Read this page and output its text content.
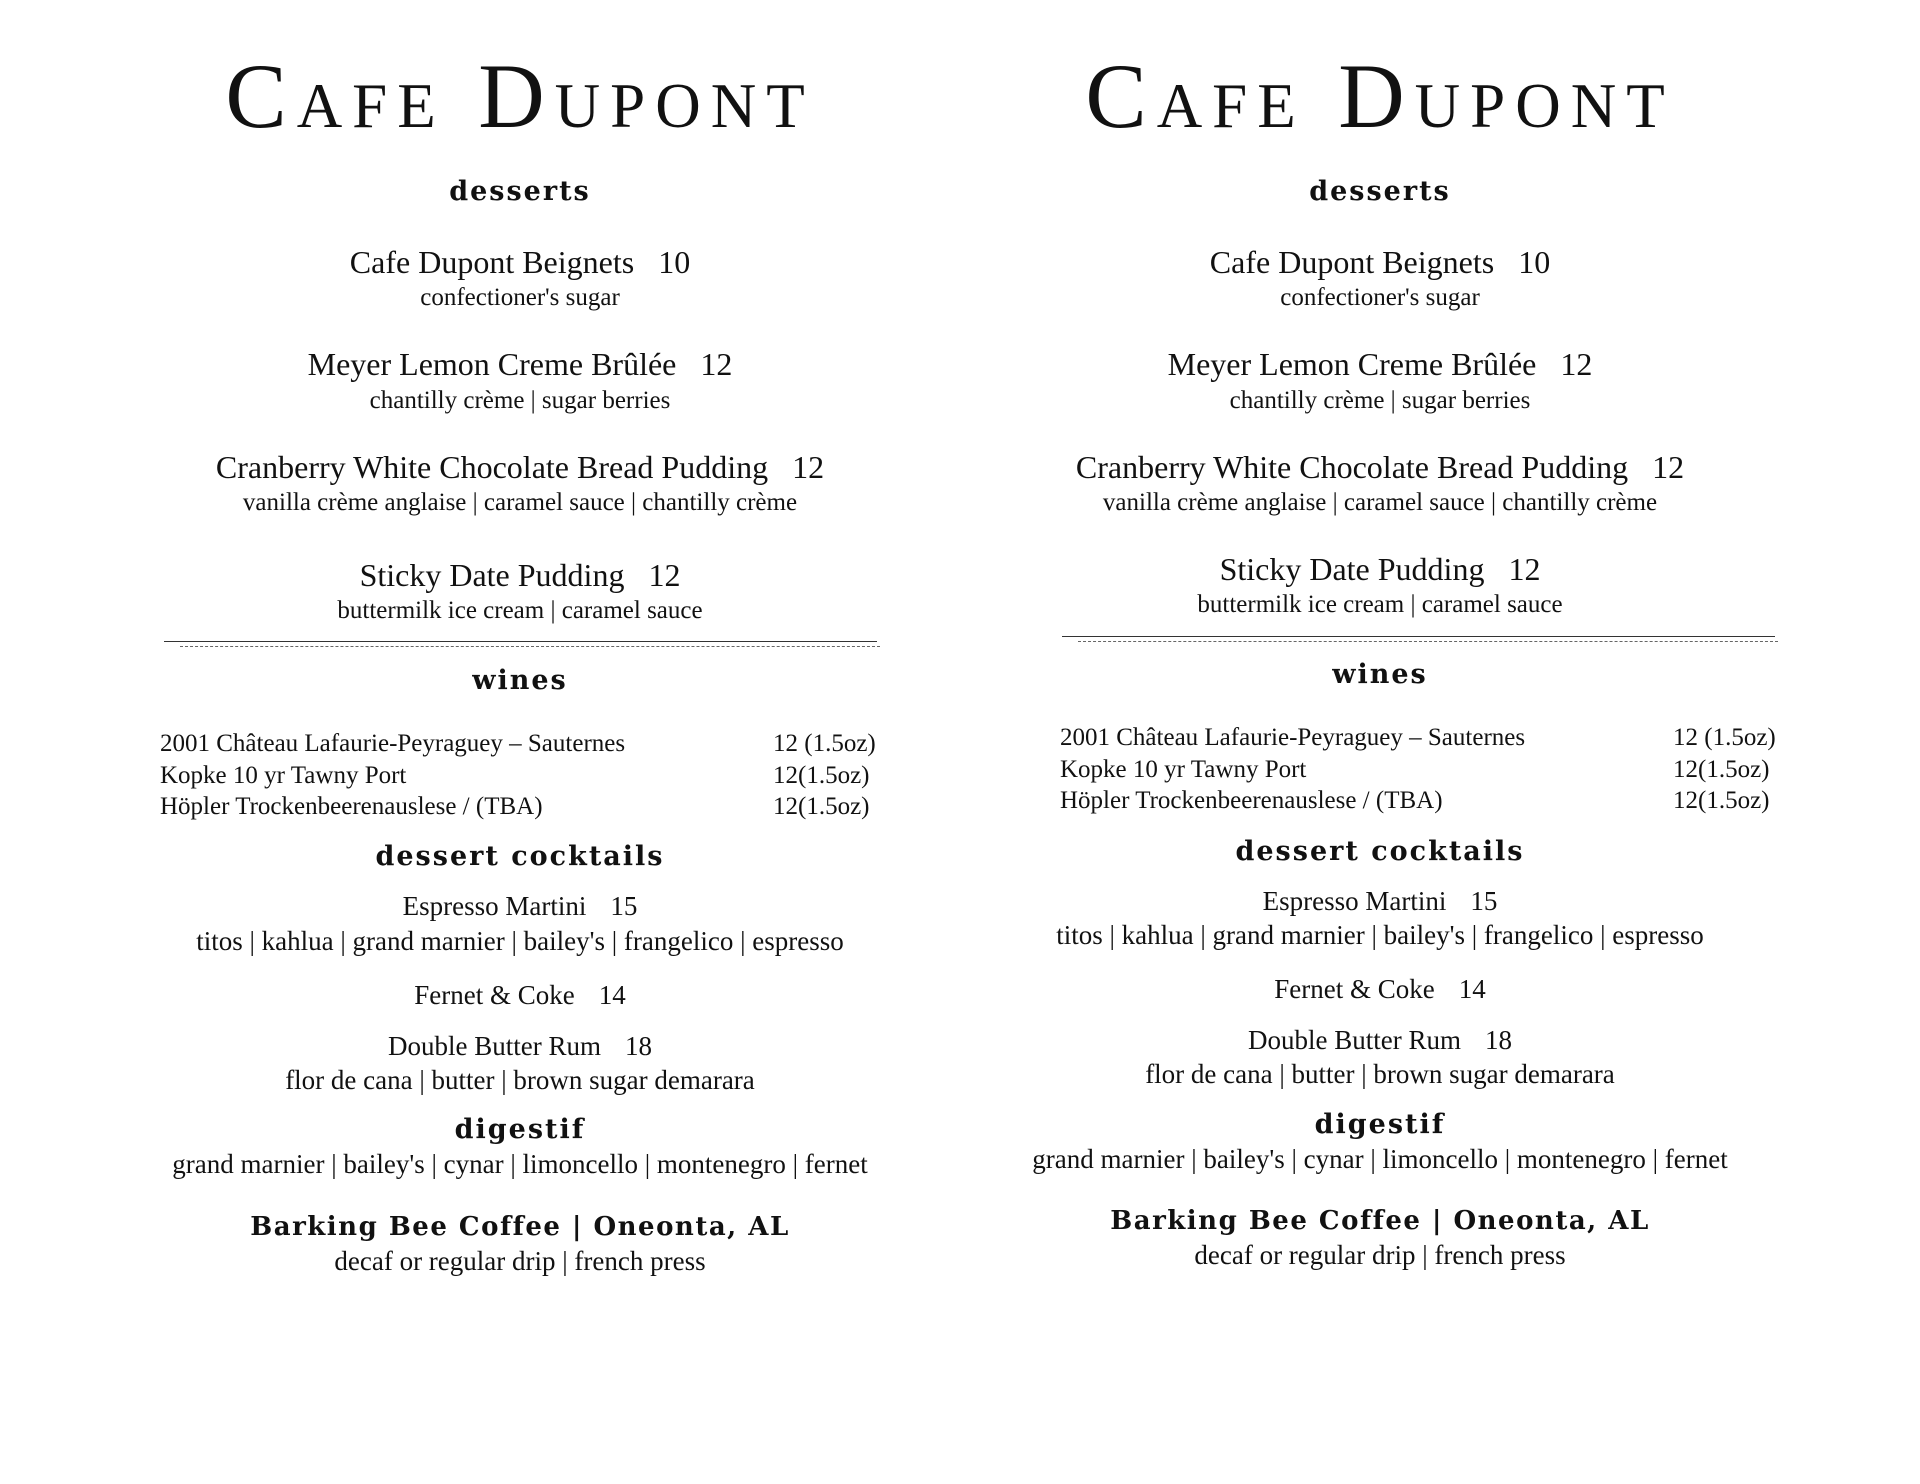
Cafe Dupont
desserts
Cafe Dupont Beignets 10
confectioner's sugar
Meyer Lemon Creme Brûlée 12
chantilly crème | sugar berries
Cranberry White Chocolate Bread Pudding 12
vanilla crème anglaise | caramel sauce | chantilly crème
Sticky Date Pudding 12
buttermilk ice cream | caramel sauce
wines
2001 Château Lafaurie-Peyraguey – Sauternes	12 (1.5oz)
Kopke 10 yr Tawny Port	12(1.5oz)
Höpler Trockenbeerenauslese / (TBA)	12(1.5oz)
dessert cocktails
Espresso Martini 15
titos | kahlua | grand marnier | bailey's | frangelico | espresso
Fernet & Coke 14
Double Butter Rum 18
flor de cana | butter | brown sugar demarara
digestif
grand marnier | bailey's | cynar | limoncello | montenegro | fernet
Barking Bee Coffee | Oneonta, AL
decaf or regular drip | french press
Cafe Dupont
desserts
Cafe Dupont Beignets 10
confectioner's sugar
Meyer Lemon Creme Brûlée 12
chantilly crème | sugar berries
Cranberry White Chocolate Bread Pudding 12
vanilla crème anglaise | caramel sauce | chantilly crème
Sticky Date Pudding 12
buttermilk ice cream | caramel sauce
wines
2001 Château Lafaurie-Peyraguey – Sauternes	12 (1.5oz)
Kopke 10 yr Tawny Port	12(1.5oz)
Höpler Trockenbeerenauslese / (TBA)	12(1.5oz)
dessert cocktails
Espresso Martini 15
titos | kahlua | grand marnier | bailey's | frangelico | espresso
Fernet & Coke 14
Double Butter Rum 18
flor de cana | butter | brown sugar demarara
digestif
grand marnier | bailey's | cynar | limoncello | montenegro | fernet
Barking Bee Coffee | Oneonta, AL
decaf or regular drip | french press
